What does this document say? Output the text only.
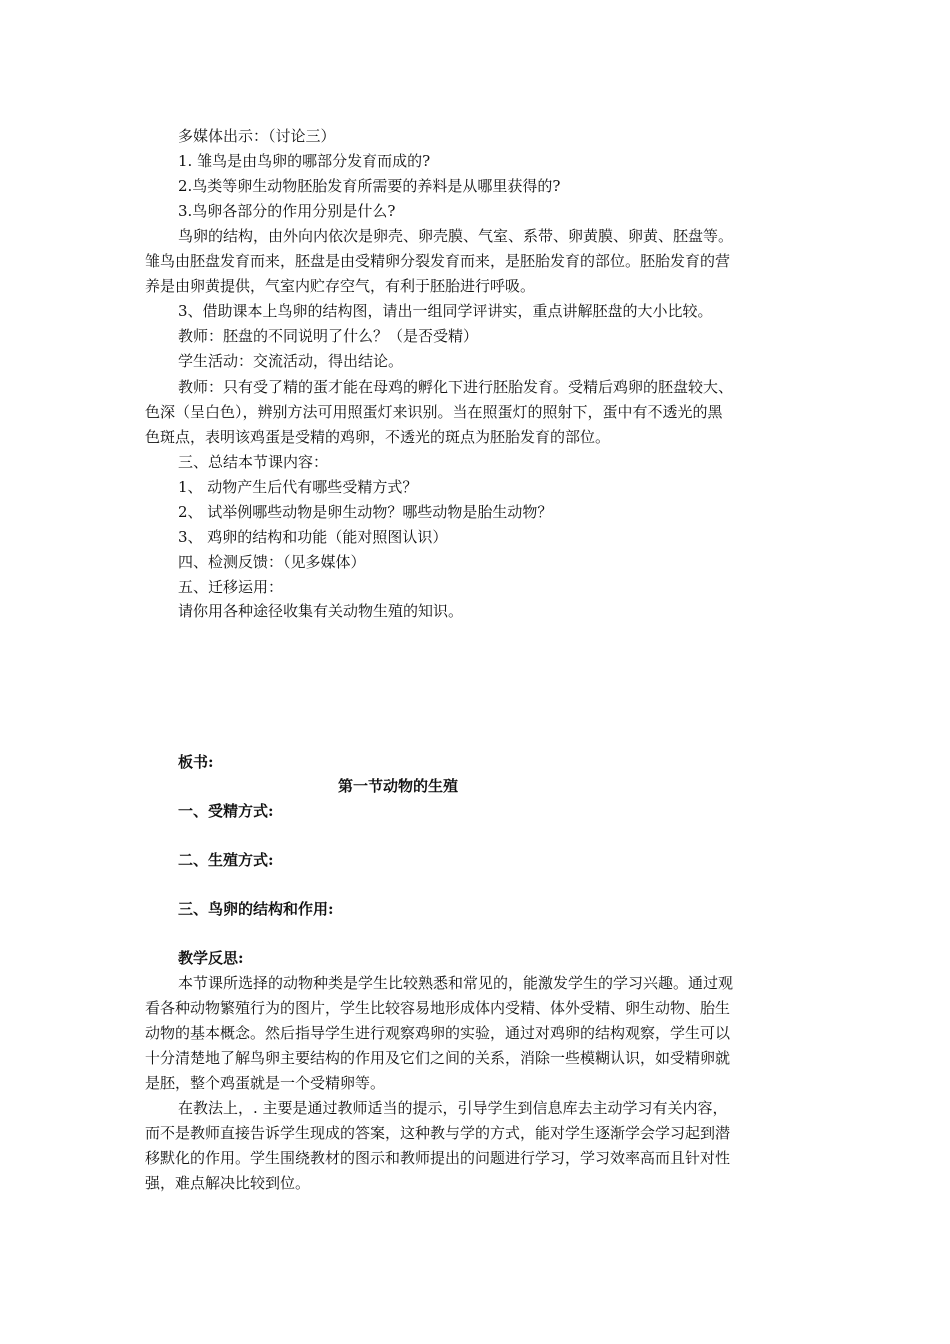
多媒体出示：（讨论三）
1. 雏鸟是由鸟卵的哪部分发育而成的?
2.鸟类等卵生动物胚胎发育所需要的养料是从哪里获得的?
3.鸟卵各部分的作用分别是什么?
鸟卵的结构，由外向内依次是卵壳、卵壳膜、气室、系带、卵黄膜、卵黄、胚盘等。
雏鸟由胚盘发育而来，胚盘是由受精卵分裂发育而来，是胚胎发育的部位。胚胎发育的营
养是由卵黄提供，气室内贮存空气，有利于胚胎进行呼吸。
3、借助课本上鸟卵的结构图，请出一组同学评讲实，重点讲解胚盘的大小比较。
教师：胚盘的不同说明了什么？（是否受精）
学生活动：交流活动，得出结论。
教师：只有受了精的蛋才能在母鸡的孵化下进行胚胎发育。受精后鸡卵的胚盘较大、
色深（呈白色），辨别方法可用照蛋灯来识别。当在照蛋灯的照射下，蛋中有不透光的黑
色斑点，表明该鸡蛋是受精的鸡卵，不透光的斑点为胚胎发育的部位。
三、总结本节课内容：
1、 动物产生后代有哪些受精方式？
2、 试举例哪些动物是卵生动物？哪些动物是胎生动物？
3、 鸡卵的结构和功能（能对照图认识）
四、检测反馈：（见多媒体）
五、迁移运用：
请你用各种途径收集有关动物生殖的知识。
板书:
第一节动物的生殖
一、受精方式:
二、生殖方式:
三、鸟卵的结构和作用:
教学反思:
本节课所选择的动物种类是学生比较熟悉和常见的，能激发学生的学习兴趣。通过观
看各种动物繁殖行为的图片，学生比较容易地形成体内受精、体外受精、卵生动物、胎生
动物的基本概念。然后指导学生进行观察鸡卵的实验，通过对鸡卵的结构观察，学生可以
十分清楚地了解鸟卵主要结构的作用及它们之间的关系，消除一些模糊认识，如受精卵就
是胚，整个鸡蛋就是一个受精卵等。
在教法上，. 主要是通过教师适当的提示，引导学生到信息库去主动学习有关内容，
而不是教师直接告诉学生现成的答案，这种教与学的方式，能对学生逐渐学会学习起到潜
移默化的作用。学生围绕教材的图示和教师提出的问题进行学习，学习效率高而且针对性
强，难点解决比较到位。
